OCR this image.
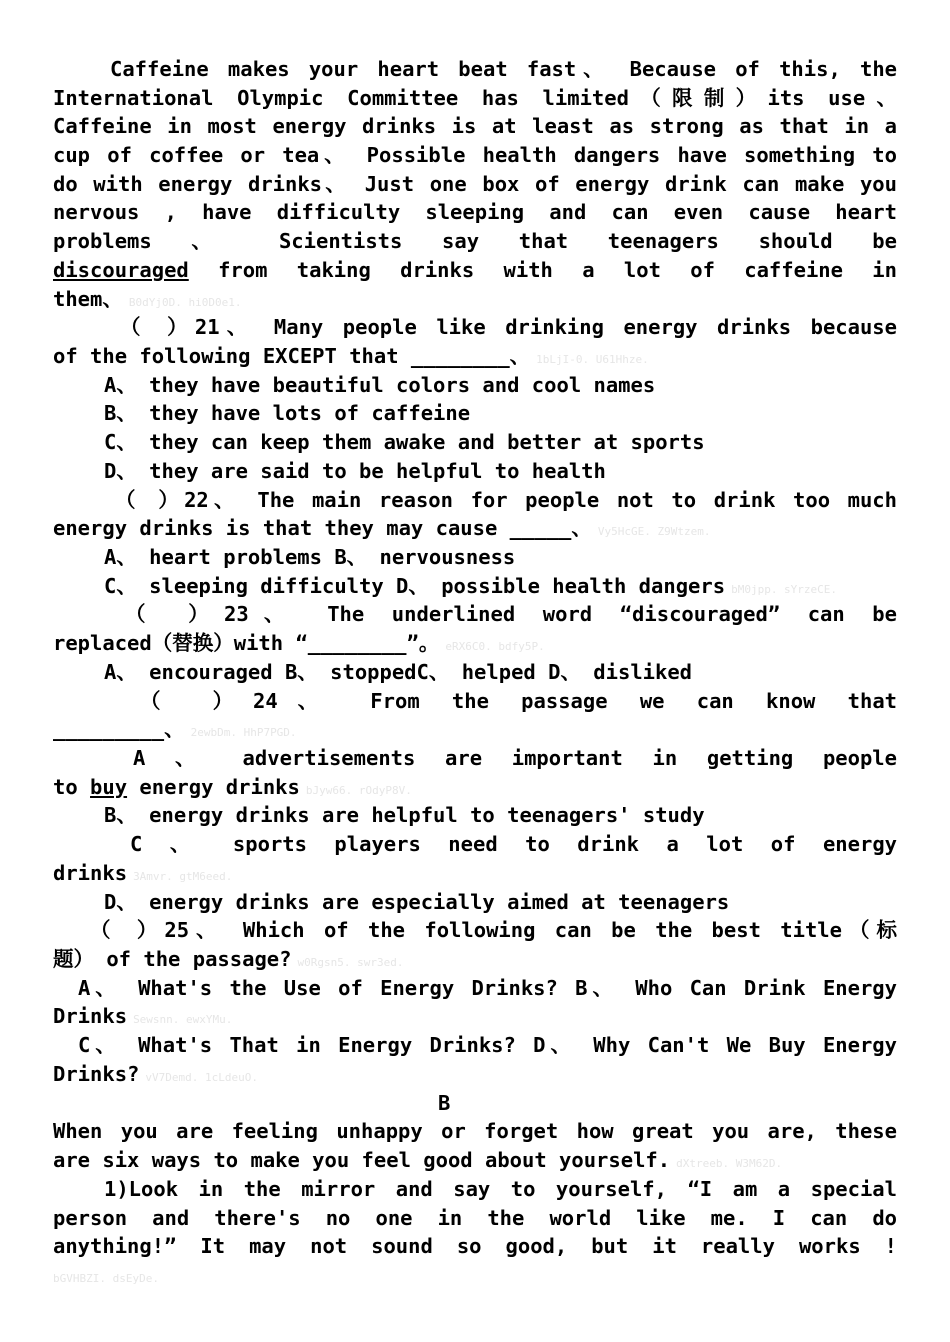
Caffeine makes your heart beat fast、 Because of this, the
International Olympic Committee has limited（限制）its use、
Caffeine in most energy drinks is at least as strong as that in a
cup of coffee or tea、 Possible health dangers have something to
do with energy drinks、 Just one box of energy drink can make you
nervous , have difficulty sleeping and can even cause heart
problems 、 Scientists say that teenagers should be
discouraged from taking drinks with a lot of caffeine in
them、 B0dYj0D. hi0D0e1.
（ ）21、 Many people like drinking energy drinks because
of the following EXCEPT that ________、 1bLjI-0. U61Hhze.
A、 they have beautiful colors and cool names
B、 they have lots of caffeine
C、 they can keep them awake and better at sports
D、 they are said to be helpful to health
（ ）22、 The main reason for people not to drink too much
energy drinks is that they may cause _____、 Vy5HcGE. Z9Wtzem.
A、 heart problems B、 nervousness
C、 sleeping difficulty D、 possible health dangers bM0jpp. sYrzeCE.
（ ）23、 The underlined word “discouraged” can be
replaced（替换）with “________”。 eRX6C0. bdfy5P.
A、 encouraged B、 stoppedC、 helped D、 disliked
（ ）24、 From the passage we can know that
_________、 2ewbDm. HhP7PGD.
A 、 advertisements are important in getting people
to buy energy drinks bJyw66. rOdyP8V.
B、 energy drinks are helpful to teenagers' study
C 、 sports players need to drink a lot of energy
drinks 3Amvr. gtM6eed.
D、 energy drinks are especially aimed at teenagers
（ ）25、 Which of the following can be the best title（标
题） of the passage? w0Rgsn5. swr3ed.
A、 What's the Use of Energy Drinks? B、 Who Can Drink Energy
Drinks Sewsnn. ewxYMu.
C、 What's That in Energy Drinks? D、 Why Can't We Buy Energy
Drinks? vV7Demd. 1cLdeuO.
B
When you are feeling unhappy or forget how great you are, these
are six ways to make you feel good about yourself. dXtreeb. W3M62D.
1)Look in the mirror and say to yourself, “I am a special
person and there's no one in the world like me. I can do
anything!” It may not sound so good, but it really works !
bGVHBZI. dsEyDe.
